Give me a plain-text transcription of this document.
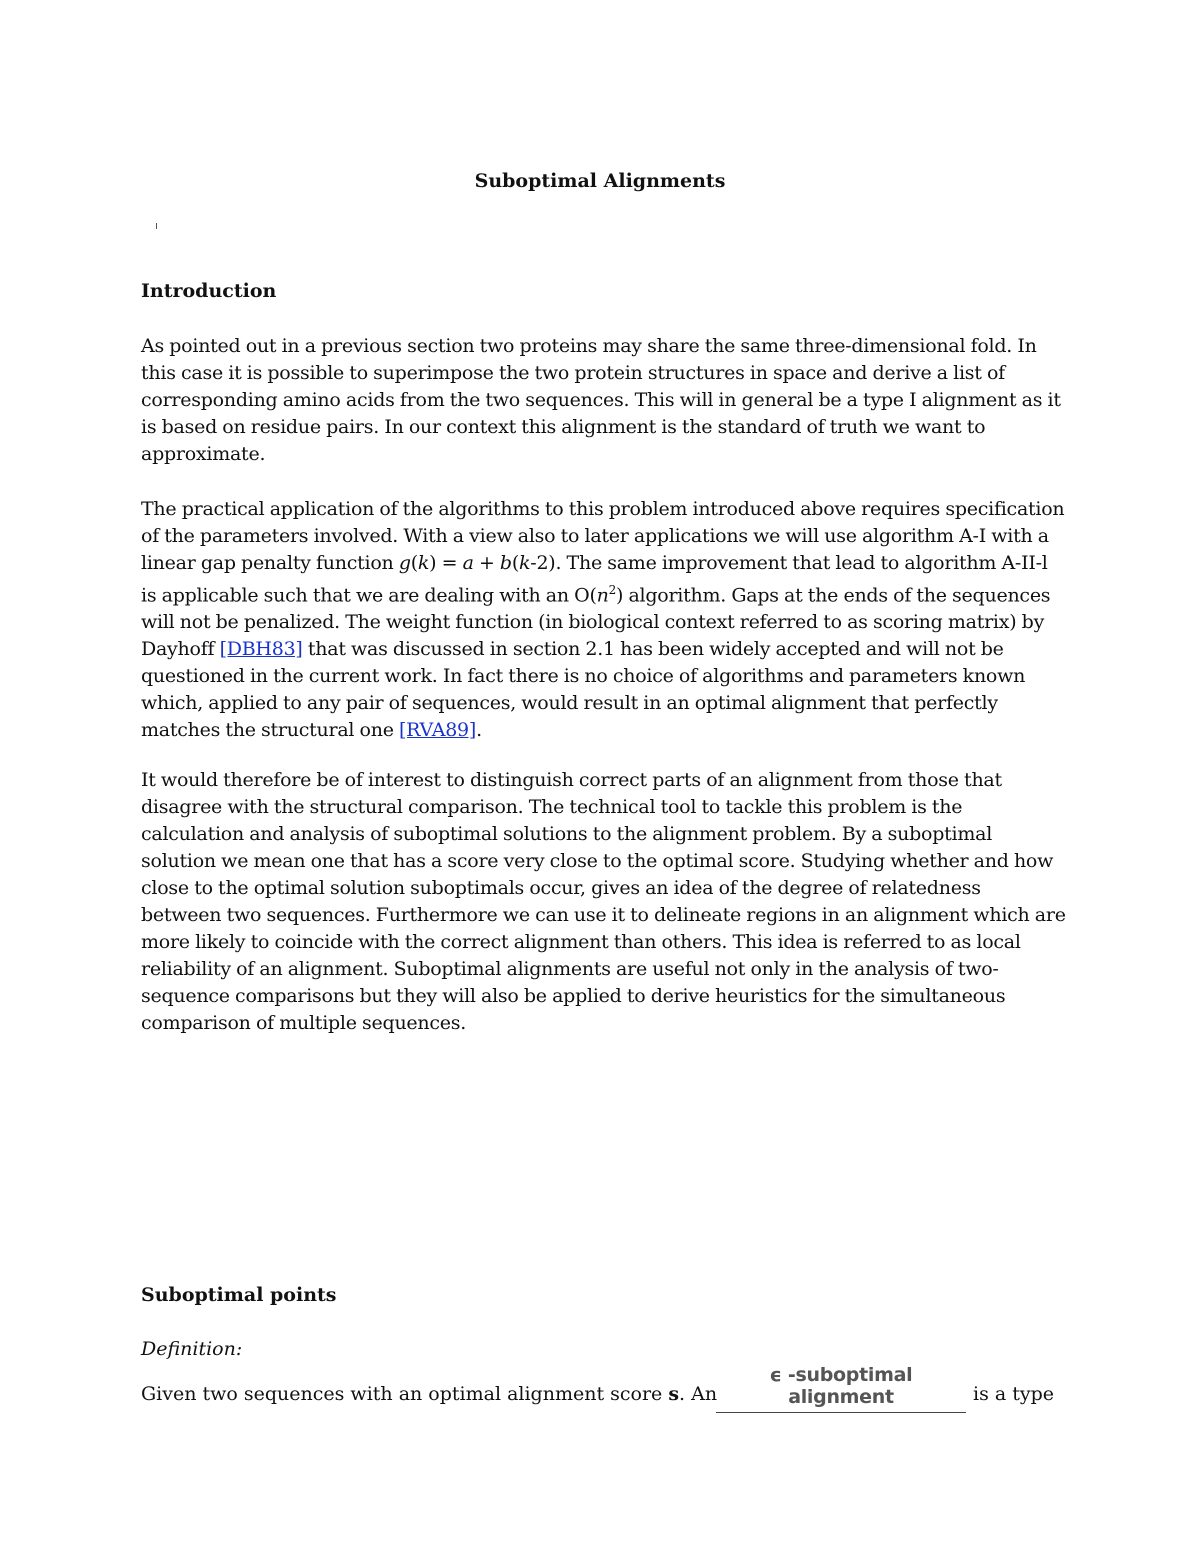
Suboptimal Alignments
Introduction

As pointed out in a previous section two proteins may share the same three-dimensional fold. In this case it is possible to superimpose the two protein structures in space and derive a list of corresponding amino acids from the two sequences. This will in general be a type I alignment as it is based on residue pairs. In our context this alignment is the standard of truth we want to approximate.

The practical application of the algorithms to this problem introduced above requires specification of the parameters involved. With a view also to later applications we will use algorithm A-I with a linear gap penalty function g(k) = a + b(k-2). The same improvement that lead to algorithm A-II-l is applicable such that we are dealing with an $O(n^2)$ algorithm. Gaps at the ends of the sequences will not be penalized. The weight function (in biological context referred to as scoring matrix) by Dayhoff [DBH83] that was discussed in section 2.1 has been widely accepted and will not be questioned in the current work. In fact there is no choice of algorithms and parameters known which, applied to any pair of sequences, would result in an optimal alignment that perfectly matches the structural one [RVA89].

It would therefore be of interest to distinguish correct parts of an alignment from those that disagree with the structural comparison. The technical tool to tackle this problem is the calculation and analysis of suboptimal solutions to the alignment problem. By a suboptimal solution we mean one that has a score very close to the optimal score. Studying whether and how close to the optimal solution suboptimals occur, gives an idea of the degree of relatedness between two sequences. Furthermore we can use it to delineate regions in an alignment which are more likely to coincide with the correct alignment than others. This idea is referred to as local reliability of an alignment. Suboptimal alignments are useful not only in the analysis of two-sequence comparisons but they will also be applied to derive heuristics for the simultaneous comparison of multiple sequences.

Suboptimal points

Definition:

Given two sequences with an optimal alignment score s. An
ϵ -suboptimal alignment	is a type
